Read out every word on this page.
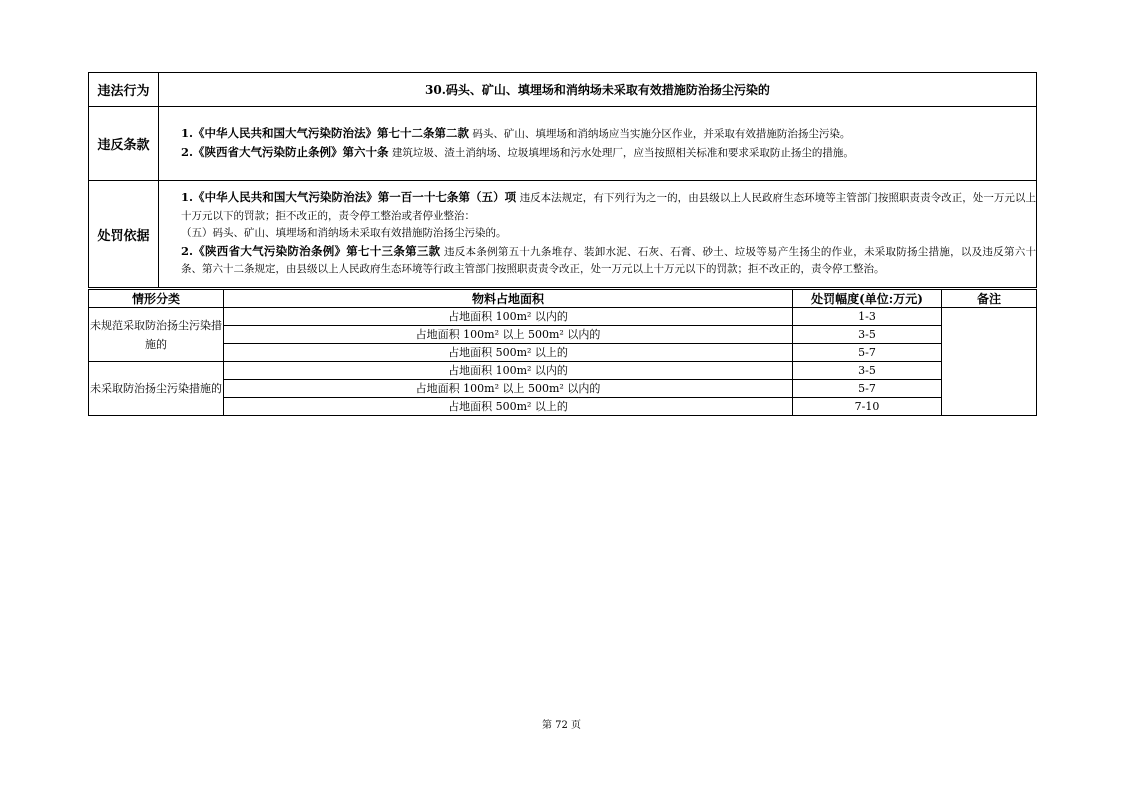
违法行为	30.码头、矿山、填埋场和消纳场未采取有效措施防治扬尘污染的
违反条款	1.《中华人民共和国大气污染防治法》第七十二条第二款 码头、矿山、填埋场和消纳场应当实施分区作业，并采取有效措施防治扬尘污染。

2.《陕西省大气污染防止条例》第六十条 建筑垃圾、渣土消纳场、垃圾填埋场和污水处理厂，应当按照相关标准和要求采取防止扬尘的措施。

处罚依据	1.《中华人民共和国大气污染防治法》第一百一十七条第（五）项 违反本法规定，有下列行为之一的，由县级以上人民政府生态环境等主管部门按照职责责令改正，处一万元以上十万元以下的罚款；拒不改正的，责令停工整治或者停业整治：

（五）码头、矿山、填埋场和消纳场未采取有效措施防治扬尘污染的。

2.《陕西省大气污染防治条例》第七十三条第三款 违反本条例第五十九条堆存、装卸水泥、石灰、石膏、砂土、垃圾等易产生扬尘的作业，未采取防扬尘措施，以及违反第六十条、第六十二条规定，由县级以上人民政府生态环境等行政主管部门按照职责责令改正，处一万元以上十万元以下的罚款；拒不改正的，责令停工整治。

情形分类	物料占地面积	处罚幅度(单位:万元)	备注
未规范采取防治扬尘污染措施的	占地面积 100m² 以内的	1-3	
	占地面积 100m² 以上 500m² 以内的	3-5	
	占地面积 500m² 以上的	5-7	
未采取防治扬尘污染措施的	占地面积 100m² 以内的	3-5	
	占地面积 100m² 以上 500m² 以内的	5-7	
	占地面积 500m² 以上的	7-10	
第 72 页
